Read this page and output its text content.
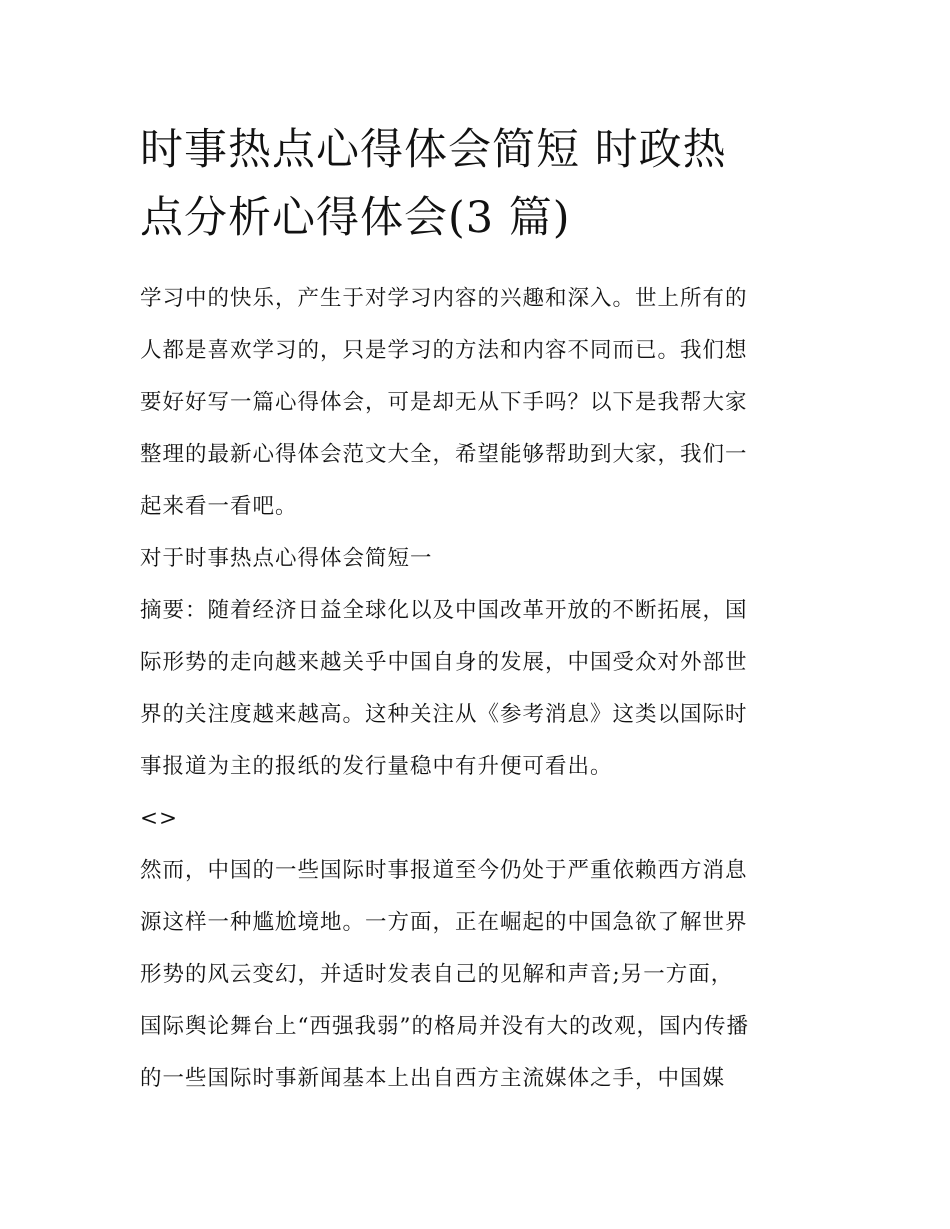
时事热点心得体会简短 时政热
点分析心得体会(3 篇)

学习中的快乐，产生于对学习内容的兴趣和深入。世上所有的
人都是喜欢学习的，只是学习的方法和内容不同而已。我们想
要好好写一篇心得体会，可是却无从下手吗？以下是我帮大家
整理的最新心得体会范文大全，希望能够帮助到大家，我们一
起来看一看吧。

对于时事热点心得体会简短一

摘要：随着经济日益全球化以及中国改革开放的不断拓展，国
际形势的走向越来越关乎中国自身的发展，中国受众对外部世
界的关注度越来越高。这种关注从《参考消息》这类以国际时
事报道为主的报纸的发行量稳中有升便可看出。

<>

然而，中国的一些国际时事报道至今仍处于严重依赖西方消息
源这样一种尴尬境地。一方面，正在崛起的中国急欲了解世界
形势的风云变幻，并适时发表自己的见解和声音;另一方面，
国际舆论舞台上“西强我弱”的格局并没有大的改观，国内传播
的一些国际时事新闻基本上出自西方主流媒体之手，中国媒
